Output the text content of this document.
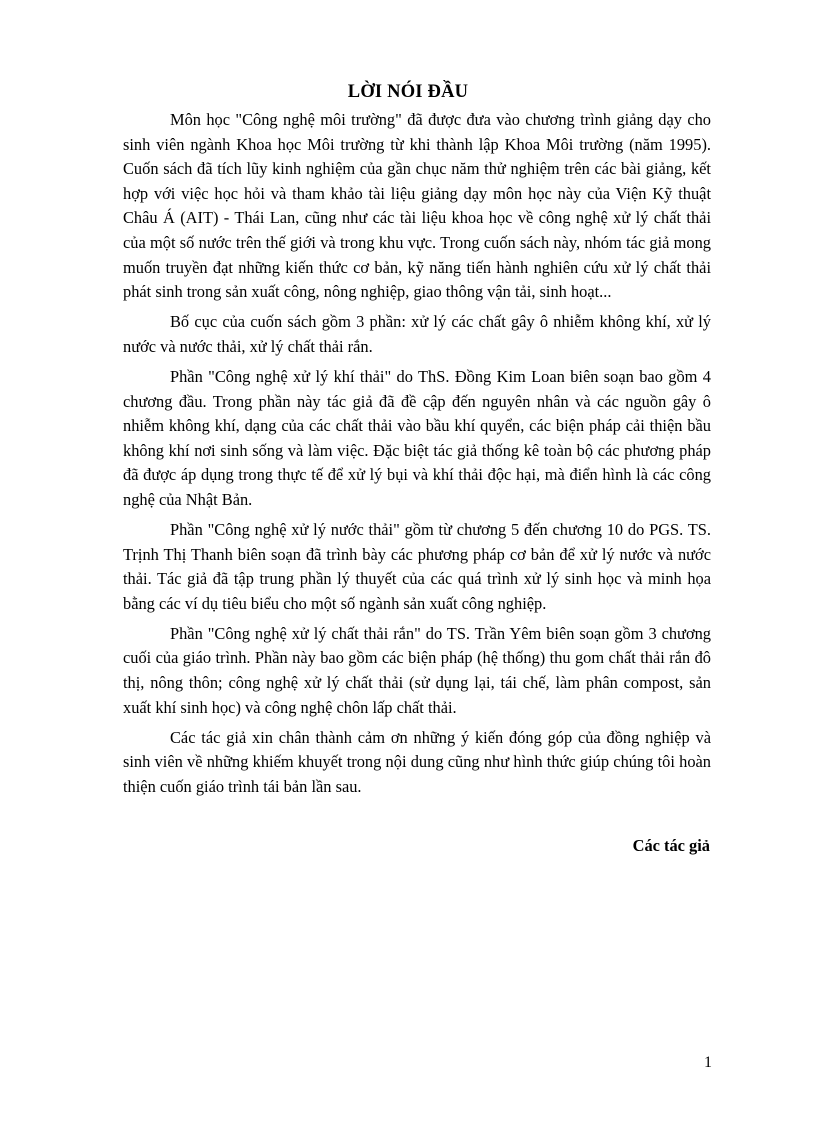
LỜI NÓI ĐẦU

Môn học "Công nghệ môi trường" đã được đưa vào chương trình giảng dạy cho sinh viên ngành Khoa học Môi trường từ khi thành lập Khoa Môi trường (năm 1995). Cuốn sách đã tích lũy kinh nghiệm của gần chục năm thử nghiệm trên các bài giảng, kết hợp với việc học hỏi và tham khảo tài liệu giảng dạy môn học này của Viện Kỹ thuật Châu Á (AIT) - Thái Lan, cũng như các tài liệu khoa học về công nghệ xử lý chất thải của một số nước trên thế giới và trong khu vực. Trong cuốn sách này, nhóm tác giả mong muốn truyền đạt những kiến thức cơ bản, kỹ năng tiến hành nghiên cứu xử lý chất thải phát sinh trong sản xuất công, nông nghiệp, giao thông vận tải, sinh hoạt...

Bố cục của cuốn sách gồm 3 phần: xử lý các chất gây ô nhiễm không khí, xử lý nước và nước thải, xử lý chất thải rắn.

Phần "Công nghệ xử lý khí thải" do ThS. Đồng Kim Loan biên soạn bao gồm 4 chương đầu. Trong phần này tác giả đã đề cập đến nguyên nhân và các nguồn gây ô nhiễm không khí, dạng của các chất thải vào bầu khí quyển, các biện pháp cải thiện bầu không khí nơi sinh sống và làm việc. Đặc biệt tác giả thống kê toàn bộ các phương pháp đã được áp dụng trong thực tế để xử lý bụi và khí thải độc hại, mà điển hình là các công nghệ của Nhật Bản.

Phần "Công nghệ xử lý nước thải" gồm từ chương 5 đến chương 10 do PGS. TS. Trịnh Thị Thanh biên soạn đã trình bày các phương pháp cơ bản để xử lý nước và nước thải. Tác giả đã tập trung phần lý thuyết của các quá trình xử lý sinh học và minh họa bằng các ví dụ tiêu biểu cho một số ngành sản xuất công nghiệp.

Phần "Công nghệ xử lý chất thải rắn" do TS. Trần Yêm biên soạn gồm 3 chương cuối của giáo trình. Phần này bao gồm các biện pháp (hệ thống) thu gom chất thải rắn đô thị, nông thôn; công nghệ xử lý chất thải (sử dụng lại, tái chế, làm phân compost, sản xuất khí sinh học) và công nghệ chôn lấp chất thải.

Các tác giả xin chân thành cảm ơn những ý kiến đóng góp của đồng nghiệp và sinh viên về những khiếm khuyết trong nội dung cũng như hình thức giúp chúng tôi hoàn thiện cuốn giáo trình tái bản lần sau.

Các tác giả

1
